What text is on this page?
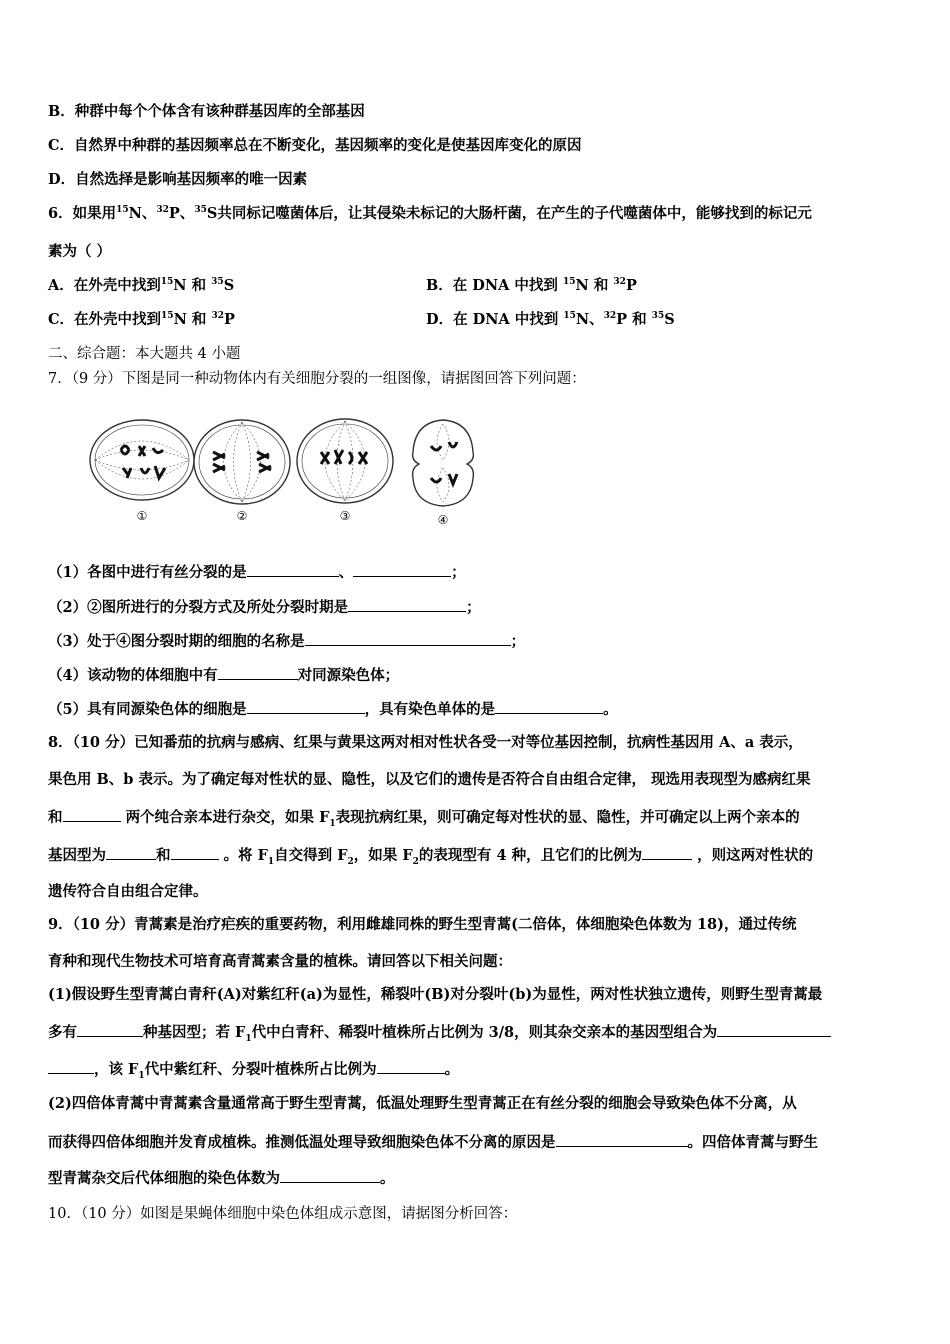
B．种群中每个个体含有该种群基因库的全部基因
C．自然界中种群的基因频率总在不断变化，基因频率的变化是使基因库变化的原因
D．自然选择是影响基因频率的唯一因素
6．如果用$^{15}$N、$^{32}$P、$^{35}$S共同标记噬菌体后，让其侵染未标记的大肠杆菌，在产生的子代噬菌体中，能够找到的标记元
素为（ ）
A．在外壳中找到$^{15}$N 和 $^{35}$S	B．在 DNA 中找到 $^{15}$N 和 $^{32}$P
C．在外壳中找到$^{15}$N 和 $^{32}$P	D．在 DNA 中找到 $^{15}$N、$^{32}$P 和 $^{35}$S
二、综合题：本大题共 4 小题
7．（9 分）下图是同一种动物体内有关细胞分裂的一组图像，请据图回答下列问题：
①	②	③	④
（1）各图中进行有丝分裂的是	、	；
（2）②图所进行的分裂方式及所处分裂时期是	；
（3）处于④图分裂时期的细胞的名称是	；
（4）该动物的体细胞中有	对同源染色体；
（5）具有同源染色体的细胞是	，具有染色单体的是	。
8．（10 分）已知番茄的抗病与感病、红果与黄果这两对相对性状各受一对等位基因控制，抗病性基因用 A、a 表示，
果色用 B、b 表示。为了确定每对性状的显、隐性，以及它们的遗传是否符合自由组合定律， 现选用表现型为感病红果
和	两个纯合亲本进行杂交，如果 $F_1$表现抗病红果，则可确定每对性状的显、隐性，并可确定以上两个亲本的
基因型为	和	。将 $F_1$自交得到 $F_2$，如果 $F_2$的表现型有 4 种，且它们的比例为	，则这两对性状的
遗传符合自由组合定律。
9．（10 分）青蒿素是治疗疟疾的重要药物，利用雌雄同株的野生型青蒿(二倍体，体细胞染色体数为 18)，通过传统
育种和现代生物技术可培育高青蒿素含量的植株。请回答以下相关问题：
(1)假设野生型青蒿白青秆(A)对紫红秆(a)为显性，稀裂叶(B)对分裂叶(b)为显性，两对性状独立遗传，则野生型青蒿最
多有	种基因型；若 $F_1$代中白青秆、稀裂叶植株所占比例为 3/8，则其杂交亲本的基因型组合为
，该 $F_1$代中紫红秆、分裂叶植株所占比例为	。
(2)四倍体青蒿中青蒿素含量通常高于野生型青蒿，低温处理野生型青蒿正在有丝分裂的细胞会导致染色体不分离，从
而获得四倍体细胞并发育成植株。推测低温处理导致细胞染色体不分离的原因是	。四倍体青蒿与野生
型青蒿杂交后代体细胞的染色体数为	。
10．（10 分）如图是果蝇体细胞中染色体组成示意图，请据图分析回答：
